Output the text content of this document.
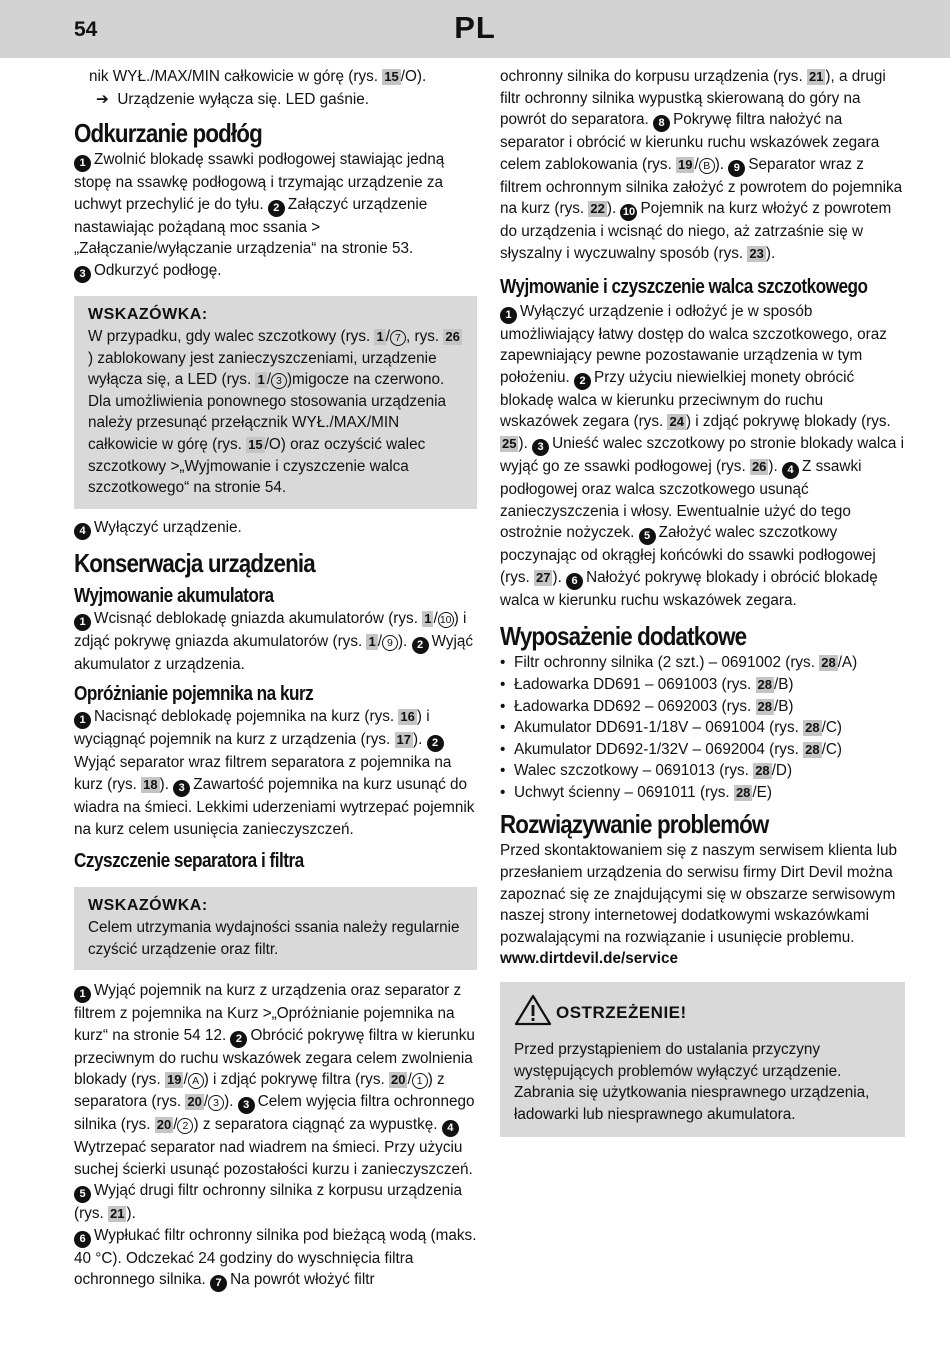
54	PL

nik WYŁ./MAX/MIN całkowicie w górę (rys. 15 /O).

➔ Urządzenie wyłącza się. LED gaśnie.

Odkurzanie podłóg

1 Zwolnić blokadę ssawki podłogowej stawiając jedną stopę na ssawkę podłogową i trzymając urządzenie za uchwyt przechylić je do tyłu. 2 Załączyć urządzenie nastawiając pożądaną moc ssania > „Załączanie/wyłączanie urządzenia“ na stronie 53.
3 Odkurzyć podłogę.

WSKAZÓWKA:

W przypadku, gdy walec szczotkowy (rys. 1 / 7 , rys. 26) zablokowany jest zanieczyszczeniami, urządzenie wyłącza się, a LED (rys. 1 / 3 )migocze na czerwono. Dla umożliwienia ponownego stosowania urządzenia należy przesunąć przełącznik WYŁ./MAX/MIN całkowicie w górę (rys. 15 /O) oraz oczyścić walec szczotkowy >„Wyjmowanie i czyszczenie walca szczotkowego“ na stronie 54.

4 Wyłączyć urządzenie.

Konserwacja urządzenia
Wyjmowanie akumulatora

1 Wcisnąć deblokadę gniazda akumulatorów (rys. 1 / 10 ) i zdjąć pokrywę gniazda akumulatorów (rys. 1 / 9 ). 2 Wyjąć akumulator z urządzenia.

Opróżnianie pojemnika na kurz

1 Nacisnąć deblokadę pojemnika na kurz (rys. 16 ) i wyciągnąć pojemnik na kurz z urządzenia (rys. 17 ). 2Wyjąć separator wraz filtrem separatora z pojemnika na kurz (rys. 18 ). 3 Zawartość pojemnika na kurz usunąć do wiadra na śmieci. Lekkimi uderzeniami wytrzepać pojemnik na kurz celem usunięcia zanieczyszczeń.

Czyszczenie separatora i filtra
WSKAZÓWKA:

Celem utrzymania wydajności ssania należy regularnie czyścić urządzenie oraz filtr.

1 Wyjąć pojemnik na kurz z urządzenia oraz separator z filtrem z pojemnika na Kurz >„Opróżnianie pojemnika na kurz“ na stronie 54 12. 2 Obrócić pokrywę filtra w kierunku przeciwnym do ruchu wskazówek zegara celem zwolnienia blokady (rys. 19 / A ) i zdjąć pokrywę filtra (rys. 20 / 1 ) z separatora (rys. 20 / 3 ). 3 Celem wyjęcia filtra ochronnego silnika (rys. 20 / 2 ) z separatora ciągnąć za wypustkę. 4Wytrzepać separator nad wiadrem na śmieci. Przy użyciu suchej ścierki usunąć pozostałości kurzu i zanieczyszczeń. 5 Wyjąć drugi filtr ochronny silnika z korpusu urządzenia (rys. 21 ).
6 Wypłukać filtr ochronny silnika pod bieżącą wodą (maks. 40 °C). Odczekać 24 godziny do wyschnięcia filtra ochronnego silnika. 7 Na powrót włożyć filtr

ochronny silnika do korpusu urządzenia (rys. 21 ), a drugi filtr ochronny silnika wypustką skierowaną do góry na powrót do separatora. 8 Pokrywę filtra nałożyć na separator i obrócić w kierunku ruchu wskazówek zegara celem zablokowania (rys. 19 / B ). 9 Separator wraz z filtrem ochronnym silnika założyć z powrotem do pojemnika na kurz (rys. 22 ). 10 Pojemnik na kurz włożyć z powrotem do urządzenia i wcisnąć do niego, aż zatrzaśnie się w słyszalny i wyczuwalny sposób (rys. 23 ).

Wyjmowanie i czyszczenie walca szczotkowego

1 Wyłączyć urządzenie i odłożyć je w sposób umożliwiający łatwy dostęp do walca szczotkowego, oraz zapewniający pewne pozostawanie urządzenia w tym położeniu. 2 Przy użyciu niewielkiej monety obrócić blokadę walca w kierunku przeciwnym do ruchu wskazówek zegara (rys. 24 ) i zdjąć pokrywę blokady (rys. 25 ). 3 Unieść walec szczotkowy po stronie blokady walca i wyjąć go ze ssawki podłogowej (rys. 26 ). 4 Z ssawki podłogowej oraz walca szczotkowego usunąć zanieczyszczenia i włosy. Ewentualnie użyć do tego ostrożnie nożyczek. 5 Założyć walec szczotkowy poczynając od okrągłej końcówki do ssawki podłogowej (rys. 27 ). 6 Nałożyć pokrywę blokady i obrócić blokadę walca w kierunku ruchu wskazówek zegara.

Wyposażenie dodatkowe
• Filtr ochronny silnika (2 szt.) – 0691002 (rys. 28 /A)
• Ładowarka DD691 – 0691003 (rys. 28 /B)
• Ładowarka DD692 – 0692003 (rys. 28 /B)
• Akumulator DD691-1/18V – 0691004 (rys. 28 /C)
• Akumulator DD692-1/32V – 0692004 (rys. 28 /C)
• Walec szczotkowy – 0691013 (rys. 28 /D)
• Uchwyt ścienny – 0691011 (rys. 28 /E)
Rozwiązywanie problemów

Przed skontaktowaniem się z naszym serwisem klienta lub przesłaniem urządzenia do serwisu firmy Dirt Devil można zapoznać się ze znajdującymi się w obszarze serwisowym naszej strony internetowej dodatkowymi wskazówkami pozwalającymi na rozwiązanie i usunięcie problemu.

www.dirtdevil.de/service

OSTRZEŻENIE!

Przed przystąpieniem do ustalania przyczyny występujących problemów wyłączyć urządzenie. Zabrania się użytkowania niesprawnego urządzenia, ładowarki lub niesprawnego akumulatora.
